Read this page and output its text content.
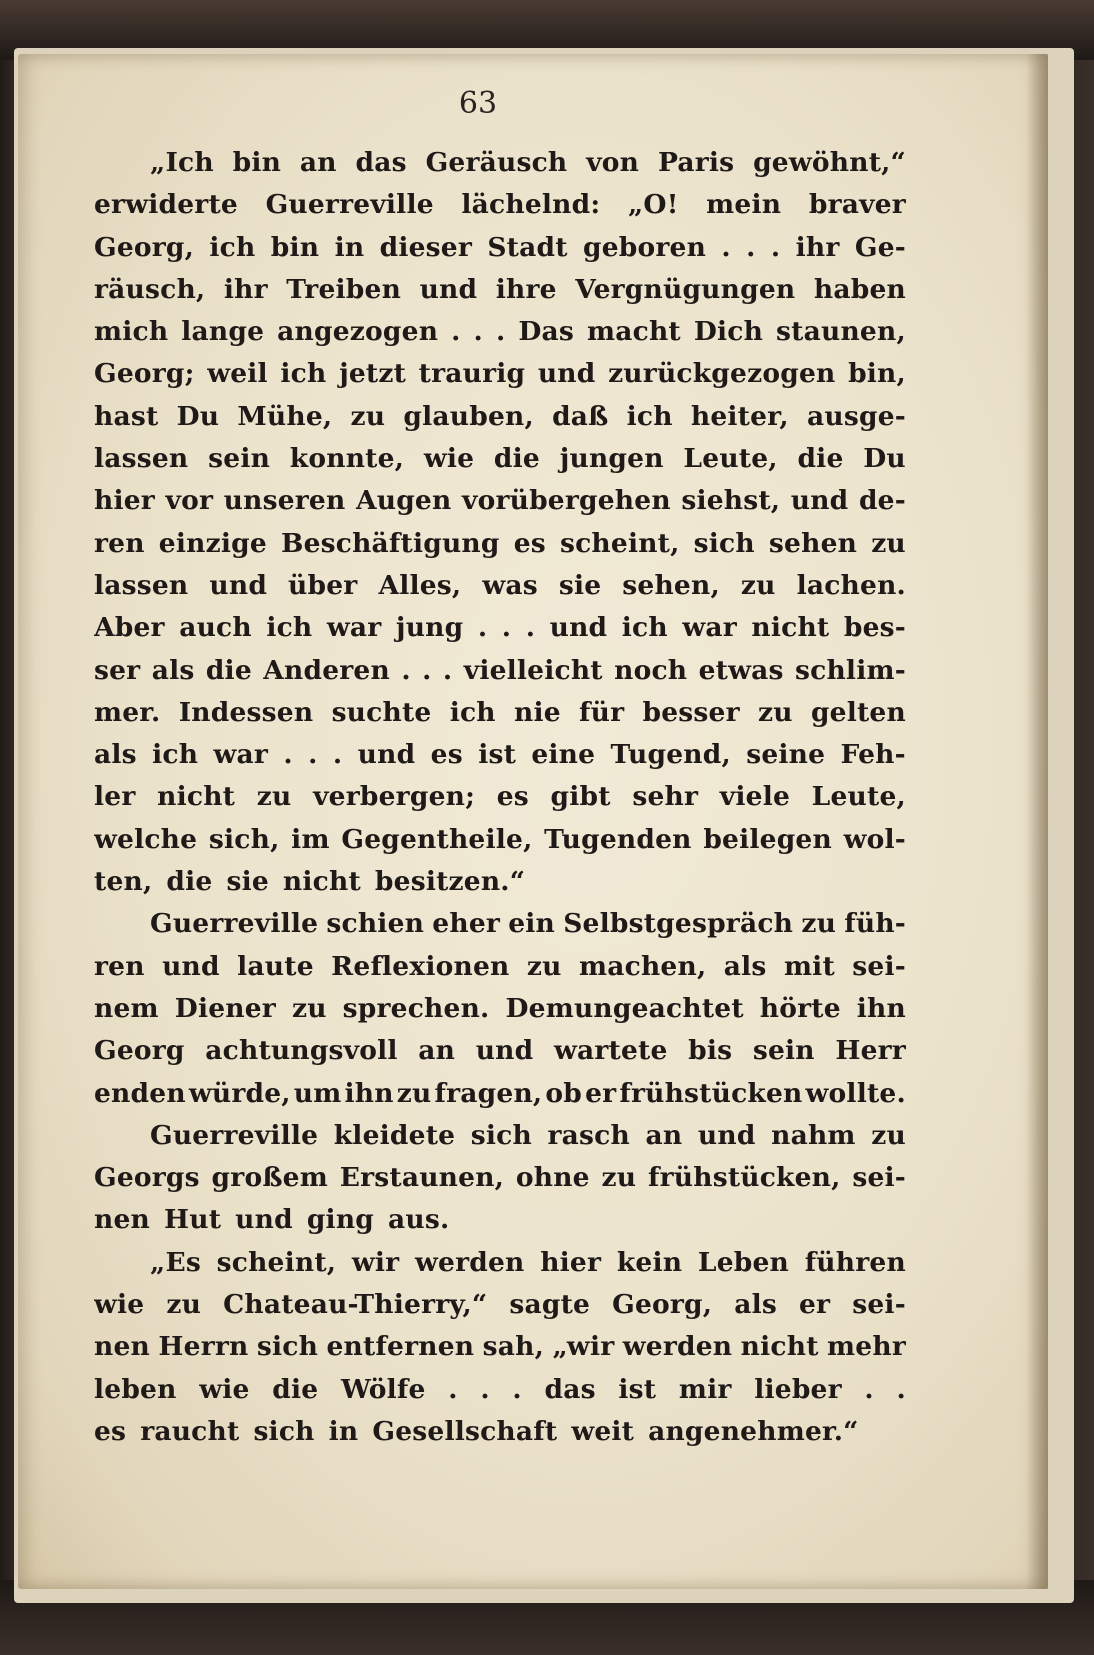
63
„Ich bin an das Geräusch von Paris gewöhnt,“
erwiderte Guerreville lächelnd: „O! mein braver
Georg, ich bin in dieser Stadt geboren . . . ihr Ge-
räusch, ihr Treiben und ihre Vergnügungen haben
mich lange angezogen . . . Das macht Dich staunen,
Georg; weil ich jetzt traurig und zurückgezogen bin,
hast Du Mühe, zu glauben, daß ich heiter, ausge-
lassen sein konnte, wie die jungen Leute, die Du
hier vor unseren Augen vorübergehen siehst, und de-
ren einzige Beschäftigung es scheint, sich sehen zu
lassen und über Alles, was sie sehen, zu lachen.
Aber auch ich war jung . . . und ich war nicht bes-
ser als die Anderen . . . vielleicht noch etwas schlim-
mer. Indessen suchte ich nie für besser zu gelten
als ich war . . . und es ist eine Tugend, seine Feh-
ler nicht zu verbergen; es gibt sehr viele Leute,
welche sich, im Gegentheile, Tugenden beilegen wol-
ten, die sie nicht besitzen.“
Guerreville schien eher ein Selbstgespräch zu füh-
ren und laute Reflexionen zu machen, als mit sei-
nem Diener zu sprechen. Demungeachtet hörte ihn
Georg achtungsvoll an und wartete bis sein Herr
enden würde, um ihn zu fragen, ob er frühstücken wollte.
Guerreville kleidete sich rasch an und nahm zu
Georgs großem Erstaunen, ohne zu frühstücken, sei-
nen Hut und ging aus.
„Es scheint, wir werden hier kein Leben führen
wie zu Chateau-Thierry,“ sagte Georg, als er sei-
nen Herrn sich entfernen sah, „wir werden nicht mehr
leben wie die Wölfe . . . das ist mir lieber . .
es raucht sich in Gesellschaft weit angenehmer.“
